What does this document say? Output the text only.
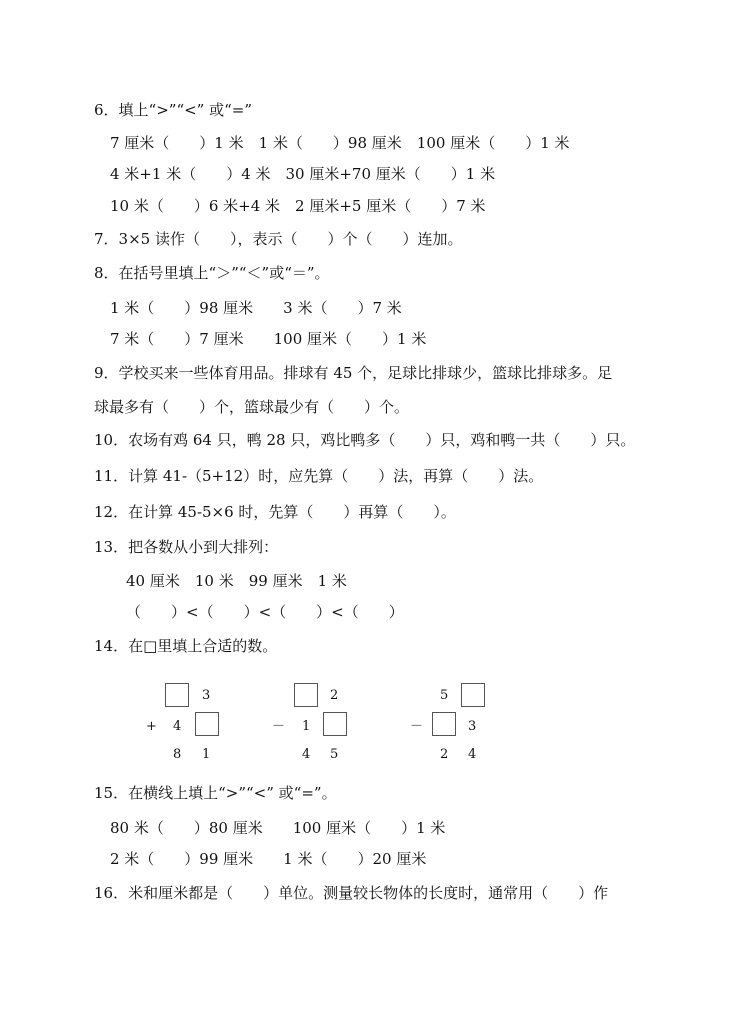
6．填上“>”“<” 或“=”
7 厘米（　　）1 米　1 米（　　）98 厘米　100 厘米（　　）1 米
4 米+1 米（　　）4 米　30 厘米+70 厘米（　　）1 米
10 米（　　）6 米+4 米　2 厘米+5 厘米（　　）7 米
7．3×5 读作（　　），表示（　　）个（　　）连加。
8．在括号里填上“＞”“＜”或“＝”。
1 米（　　）98 厘米　　3 米（　　）7 米
7 米（　　）7 厘米　　100 厘米（　　）1 米
9．学校买来一些体育用品。排球有 45 个，足球比排球少，篮球比排球多。足
球最多有（　　）个，篮球最少有（　　）个。
10．农场有鸡 64 只，鸭 28 只，鸡比鸭多（　　）只，鸡和鸭一共（　　）只。
11．计算 41-（5+12）时，应先算（　　）法，再算（　　）法。
12．在计算 45-5×6 时，先算（　　）再算（　　）。
13．把各数从小到大排列：
40 厘米　10 米　99 厘米　1 米
（　　）<（　　）<（　　）<（　　）
14．在□里填上合适的数。
3
+ 4
8 1
2
－ 1
4 5
5
－	3
2 4
15．在横线上填上“>”“<” 或“=”。
80 米（　　）80 厘米　　100 厘米（　　）1 米
2 米（　　）99 厘米　　1 米（　　）20 厘米
16．米和厘米都是（　　）单位。测量较长物体的长度时，通常用（　　）作
